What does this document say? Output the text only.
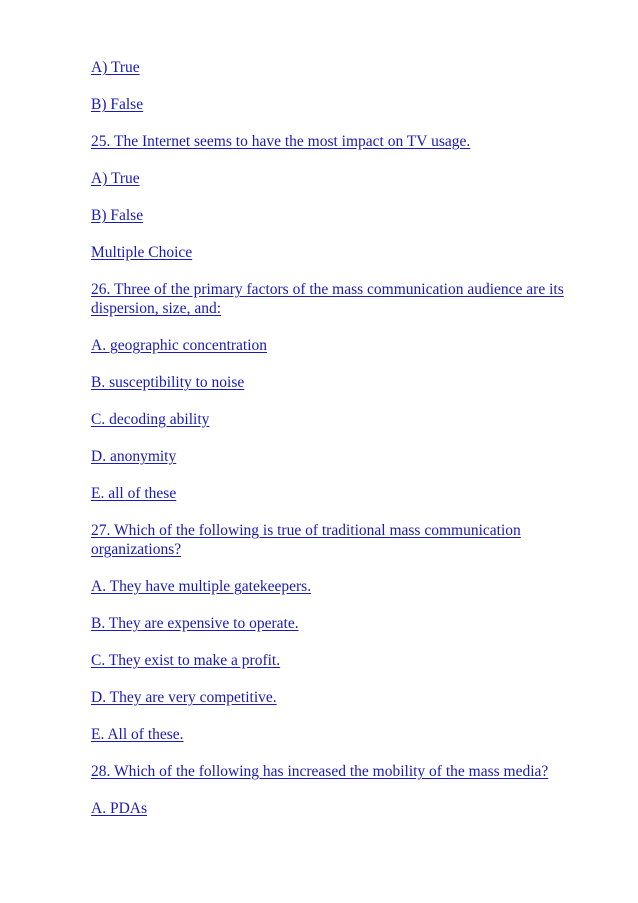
A) True
B) False
25. The Internet seems to have the most impact on TV usage.
A) True
B) False
Multiple Choice
26. Three of the primary factors of the mass communication audience are its dispersion, size, and:
A. geographic concentration
B. susceptibility to noise
C. decoding ability
D. anonymity
E. all of these
27. Which of the following is true of traditional mass communication organizations?
A. They have multiple gatekeepers.
B. They are expensive to operate.
C. They exist to make a profit.
D. They are very competitive.
E. All of these.
28. Which of the following has increased the mobility of the mass media?
A. PDAs
